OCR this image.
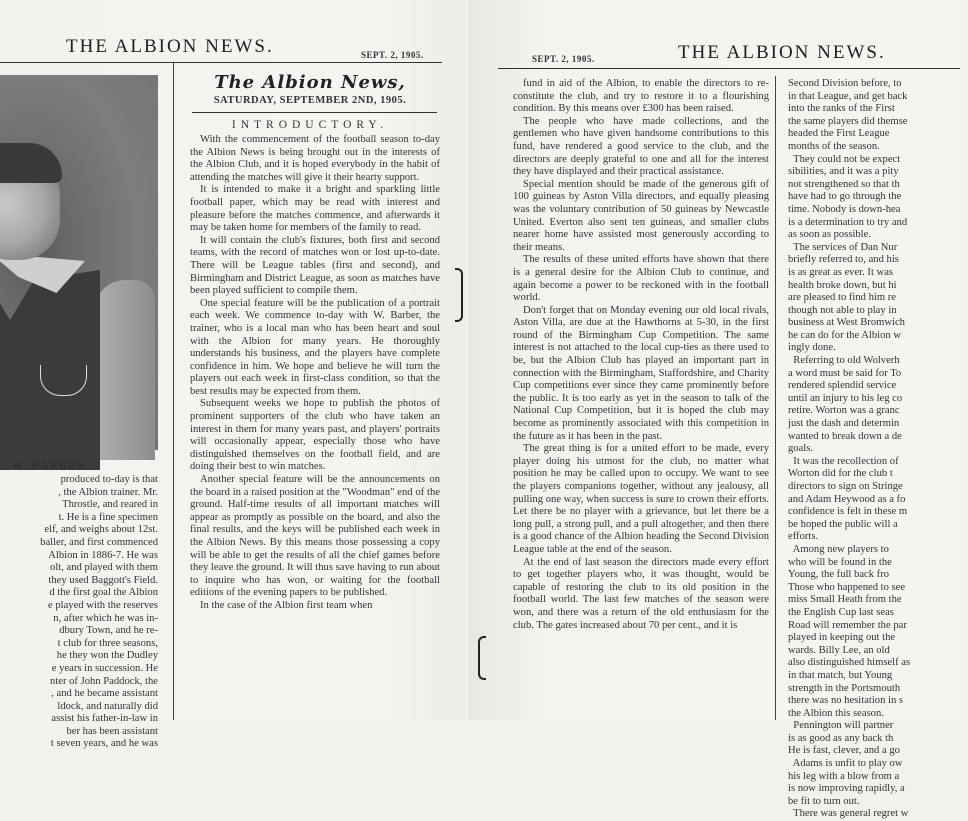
THE ALBION NEWS.	SEPT. 2, 1905.
W. BARBER.
produced to-day is that
, the Albion trainer. Mr.
Throstle, and reared in
t. He is a fine specimen
elf, and weighs about 12st.
baller, and first commenced
Albion in 1886-7. He was
olt, and played with them
they used Baggott's Field.
d the first goal the Albion
e played with the reserves
n, after which he was in-
dbury Town, and he re-
t club for three seasons,
he they won the Dudley
e years in succession. He
nter of John Paddock, the
, and he became assistant
ldock, and naturally did
assist his father-in-law in
ber has been assistant
t seven years, and he was
The Albion News,
SATURDAY, SEPTEMBER 2ND, 1905.
INTRODUCTORY.

With the commencement of the football season to-day the Albion News is being brought out in the interests of the Albion Club, and it is hoped everybody in the habit of attending the matches will give it their hearty support.

It is intended to make it a bright and sparkling little football paper, which may be read with interest and pleasure before the matches commence, and afterwards it may be taken home for members of the family to read.

It will contain the club's fixtures, both first and second teams, with the record of matches won or lost up-to-date. There will be League tables (first and second), and Birmingham and District League, as soon as matches have been played sufficient to compile them.

One special feature will be the publication of a portrait each week. We commence to-day with W. Barber, the trainer, who is a local man who has been heart and soul with the Albion for many years. He thoroughly understands his business, and the players have complete confidence in him. We hope and believe he will turn the players out each week in first-class condition, so that the best results may be expected from them.

Subsequent weeks we hope to publish the photos of prominent supporters of the club who have taken an interest in them for many years past, and players' portraits will occasionally appear, especially those who have distinguished themselves on the football field, and are doing their best to win matches.

Another special feature will be the announcements on the board in a raised position at the "Woodman" end of the ground. Half-time results of all important matches will appear as promptly as possible on the board, and also the final results, and the keys will be published each week in the Albion News. By this means those possessing a copy will be able to get the results of all the chief games before they leave the ground. It will thus save having to run about to inquire who has won, or waiting for the football editions of the evening papers to be published.

In the case of the Albion first team when

SEPT. 2, 1905.	THE ALBION NEWS.

fund in aid of the Albion, to enable the directors to re-constitute the club, and try to restore it to a flourishing condition. By this means over £300 has been raised.

The people who have made collections, and the gentlemen who have given handsome contributions to this fund, have rendered a good service to the club, and the directors are deeply grateful to one and all for the interest they have displayed and their practical assistance.

Special mention should be made of the generous gift of 100 guineas by Aston Villa directors, and equally pleasing was the voluntary contribution of 50 guineas by Newcastle United. Everton also sent ten guineas, and smaller clubs nearer home have assisted most generously according to their means.

The results of these united efforts have shown that there is a general desire for the Albion Club to continue, and again become a power to be reckoned with in the football world.

Don't forget that on Monday evening our old local rivals, Aston Villa, are due at the Hawthorns at 5-30, in the first round of the Birmingham Cup Competition. The same interest is not attached to the local cup-ties as there used to be, but the Albion Club has played an important part in connection with the Birmingham, Staffordshire, and Charity Cup competitions ever since they came prominently before the public. It is too early as yet in the season to talk of the National Cup Competition, but it is hoped the club may become as prominently associated with this competition in the future as it has been in the past.

The great thing is for a united effort to be made, every player doing his utmost for the club, no matter what position he may be called upon to occupy. We want to see the players companions together, without any jealousy, all pulling one way, when success is sure to crown their efforts. Let there be no player with a grievance, but let there be a long pull, a strong pull, and a pull altogether, and then there is a good chance of the Albion heading the Second Division League table at the end of the season.

At the end of last season the directors made every effort to get together players who, it was thought, would be capable of restoring the club to its old position in the football world. The last few matches of the season were won, and there was a return of the old enthusiasm for the club. The gates increased about 70 per cent., and it is

Second Division before, to
in that League, and get back
into the ranks of the First
the same players did themse
headed the First League
months of the season.
They could not be expect
sibilities, and it was a pity
not strengthened so that th
have had to go through the
time. Nobody is down-hea
is a determination to try and
as soon as possible.
The services of Dan Nur
briefly referred to, and his
is as great as ever. It was
health broke down, but hi
are pleased to find him re
though not able to play in
business at West Bromwich
he can do for the Albion w
ingly done.
Referring to old Wolverh
a word must be said for To
rendered splendid service
until an injury to his leg co
retire. Worton was a granc
just the dash and determin
wanted to break down a de
goals.
It was the recollection of
Worton did for the club t
directors to sign on Stringe
and Adam Heywood as a fo
confidence is felt in these m
be hoped the public will a
efforts.
Among new players to
who will be found in the
Young, the full back fro
Those who happened to see
miss Small Heath from the
the English Cup last seas
Road will remember the par
played in keeping out the
wards. Billy Lee, an old
also distinguished himself as
in that match, but Young
strength in the Portsmouth
there was no hesitation in s
the Albion this season.
Pennington will partner
is as good as any back th
He is fast, clever, and a go
Adams is unfit to play ow
his leg with a blow from a
is now improving rapidly, a
be fit to turn out.
There was general regret w
